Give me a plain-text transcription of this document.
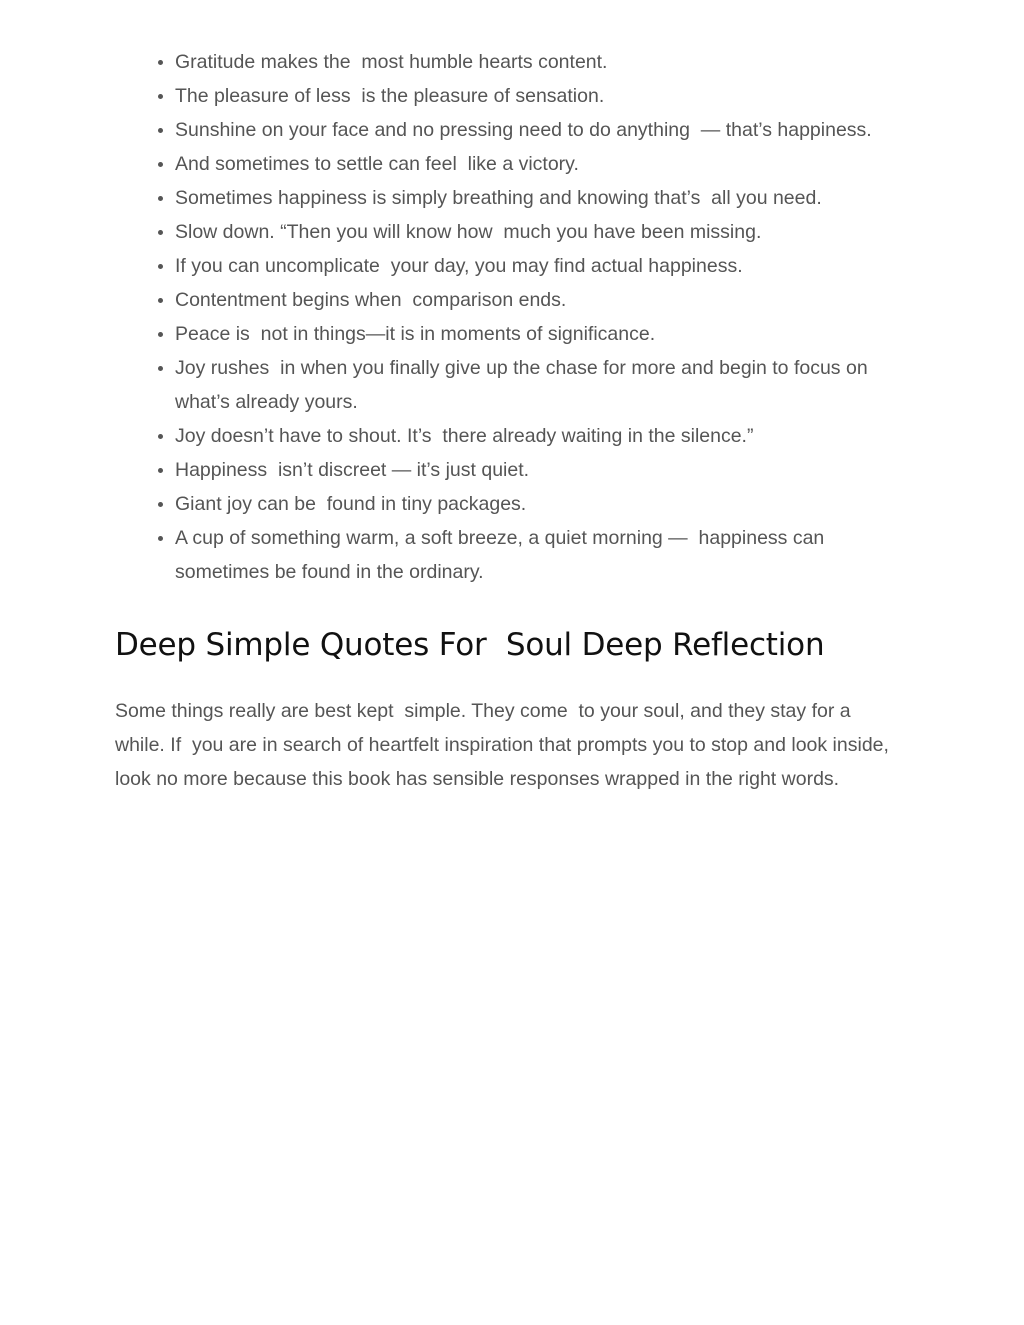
• Gratitude makes the  most humble hearts content.
• The pleasure of less  is the pleasure of sensation.
• Sunshine on your face and no pressing need to do anything  — that’s happiness.
• And sometimes to settle can feel  like a victory.
• Sometimes happiness is simply breathing and knowing that’s  all you need.
• Slow down. “Then you will know how  much you have been missing.
• If you can uncomplicate  your day, you may find actual happiness.
• Contentment begins when  comparison ends.
• Peace is  not in things—it is in moments of significance.
• Joy rushes  in when you finally give up the chase for more and begin to focus on what’s already yours.
• Joy doesn’t have to shout. It’s  there already waiting in the silence.”
• Happiness  isn’t discreet — it’s just quiet.
• Giant joy can be  found in tiny packages.
• A cup of something warm, a soft breeze, a quiet morning —  happiness can sometimes be found in the ordinary.
Deep Simple Quotes For  Soul Deep Reflection

Some things really are best kept  simple. They come  to your soul, and they stay for a while. If  you are in search of heartfelt inspiration that prompts you to stop and look inside, look no more because this book has sensible responses wrapped in the right words.
